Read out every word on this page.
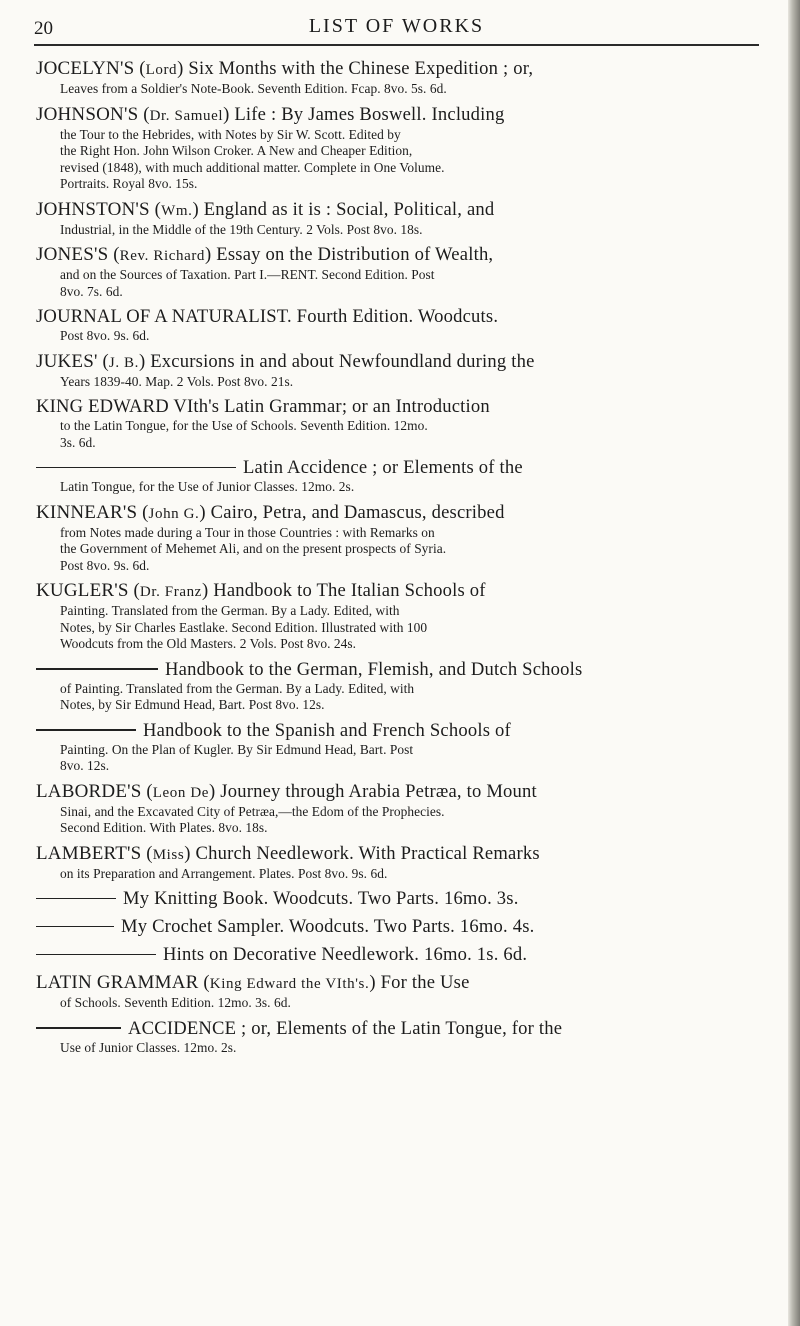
20	LIST OF WORKS
JOCELYN'S (Lord) Six Months with the Chinese Expedition ; or,
Leaves from a Soldier's Note-Book. Seventh Edition. Fcap. 8vo. 5s. 6d.
JOHNSON'S (Dr. Samuel) Life : By James Boswell. Including
the Tour to the Hebrides, with Notes by Sir W. Scott. Edited by
the Right Hon. John Wilson Croker. A New and Cheaper Edition,
revised (1848), with much additional matter. Complete in One Volume.
Portraits. Royal 8vo. 15s.
JOHNSTON'S (Wm.) England as it is : Social, Political, and
Industrial, in the Middle of the 19th Century. 2 Vols. Post 8vo. 18s.
JONES'S (Rev. Richard) Essay on the Distribution of Wealth,
and on the Sources of Taxation. Part I.—RENT. Second Edition. Post
8vo. 7s. 6d.
JOURNAL OF A NATURALIST. Fourth Edition. Woodcuts.
Post 8vo. 9s. 6d.
JUKES' (J. B.) Excursions in and about Newfoundland during the
Years 1839-40. Map. 2 Vols. Post 8vo. 21s.
KING EDWARD VIth's Latin Grammar; or an Introduction
to the Latin Tongue, for the Use of Schools. Seventh Edition. 12mo.
3s. 6d.
Latin Accidence ; or Elements of the
Latin Tongue, for the Use of Junior Classes. 12mo. 2s.
KINNEAR'S (John G.) Cairo, Petra, and Damascus, described
from Notes made during a Tour in those Countries : with Remarks on
the Government of Mehemet Ali, and on the present prospects of Syria.
Post 8vo. 9s. 6d.
KUGLER'S (Dr. Franz) Handbook to The Italian Schools of
Painting. Translated from the German. By a Lady. Edited, with
Notes, by Sir Charles Eastlake. Second Edition. Illustrated with 100
Woodcuts from the Old Masters. 2 Vols. Post 8vo. 24s.
Handbook to the German, Flemish, and Dutch Schools
of Painting. Translated from the German. By a Lady. Edited, with
Notes, by Sir Edmund Head, Bart. Post 8vo. 12s.
Handbook to the Spanish and French Schools of
Painting. On the Plan of Kugler. By Sir Edmund Head, Bart. Post
8vo. 12s.
LABORDE'S (Leon De) Journey through Arabia Petræa, to Mount
Sinai, and the Excavated City of Petræa,—the Edom of the Prophecies.
Second Edition. With Plates. 8vo. 18s.
LAMBERT'S (Miss) Church Needlework. With Practical Remarks
on its Preparation and Arrangement. Plates. Post 8vo. 9s. 6d.
My Knitting Book. Woodcuts. Two Parts. 16mo. 3s.
My Crochet Sampler. Woodcuts. Two Parts. 16mo. 4s.
Hints on Decorative Needlework. 16mo. 1s. 6d.
LATIN GRAMMAR (King Edward the VIth's.) For the Use
of Schools. Seventh Edition. 12mo. 3s. 6d.
ACCIDENCE ; or, Elements of the Latin Tongue, for the
Use of Junior Classes. 12mo. 2s.
